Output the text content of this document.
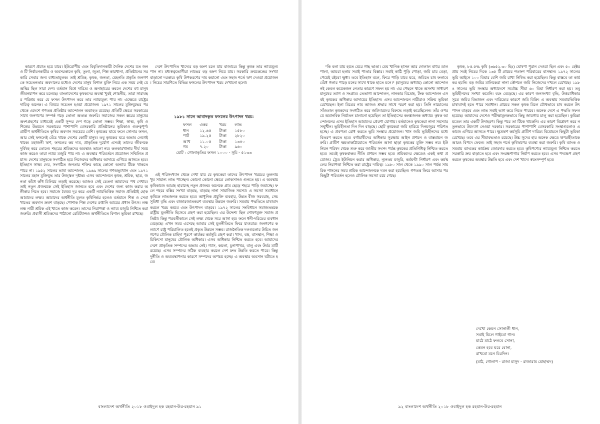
কারণে প্রয়াত হয়ে যাবে। ইউরোপীয় এবং বিবৃতিদানকারী দৈনিক দেশের যত জন ও টি নির্বাচনকারীর ও অবসরকালে কৃষি, তুলা, জুতা, শিল্প কারখানা, প্রতিষ্ঠানের সরকারি সেবার জন্য বাধ্যতামূলক। তাই শ্রমিক, কৃষক, জনতা, মেহনতি প্রকৃতি জনগণকে সচেতনতার অবদানের মধ্যেও দেশের মানুষ বিশাল মুক্তি নিয়ে এক সময় নেই যে অস্থির ছিল সারা দেশ। বর্তমান বিশ্বে দারিদ্র্য ও অনাহারের কবলে দেশের বহু মানুষ জীবনযাপন করে চলেছে। বাংলাদেশের কৃষকদের অবস্থা খুবই শোচনীয়, তারা সারাবছর পরিশ্রম করে যে ফসল উৎপাদন করে তার ন্যায্যমূল্য পায় না। এক্ষেত্রে রাষ্ট্রের দায়িত্ব অনেক। এ বিষয়ে সচেতন হওয়া প্রয়োজন। ১৯৭১ সালের মুক্তিযুদ্ধের পর থেকে এদেশে গণতন্ত্র প্রতিষ্ঠার আন্দোলন অব্যাহত রয়েছে। প্রতিটি ক্ষেত্রে সরকারের সাথে জনগণের সম্পর্ক গড়ে তোলা অত্যন্ত জরুরি। সমাজের সকল স্তরের মানুষের অংশগ্রহণের মাধ্যমেই একটি সুন্দর দেশ গড়ে তোলা সম্ভব। শিক্ষা, স্বাস্থ্য, কৃষি ও শিল্পের উন্নয়নে সরকারের পাশাপাশি বেসরকারি প্রতিষ্ঠানের ভূমিকাও গুরুত্বপূর্ণ। গ্রামীণ অর্থনীতিতে কৃষির অবদান সবচেয়ে বেশি। কৃষকের ঘামে ফলে সোনার ফসল, আর সেই ফসলেই বেঁচে থাকে দেশের কোটি মানুষ। তবু কৃষকের ঘরে অভাব লেগেই থাকে। মহাজনী ঋণ, ফসলের কম দাম, প্রাকৃতিক দুর্যোগ এসবই তাদের জীবনকে দুর্বিষহ করে তোলে। শহরের শ্রমিকদের অবস্থাও ভালো নয়। কলকারখানায় দীর্ঘ সময় কাজ করেও তারা ন্যায্য মজুরি পায় না। এ অবস্থার পরিবর্তনে প্রয়োজন সম্মিলিত প্রয়াস। দেশের মানুষকে সংগঠিত হয়ে নিজেদের অধিকার আদায়ে এগিয়ে আসতে হবে। ইতিহাস সাক্ষ্য দেয়, সংগঠিত জনতার শক্তির কাছে কোনো অন্যায় টিকে থাকতে পারে না। ১৯৫২ সালের ভাষা আন্দোলন, ১৯৬৯ সালের গণঅভ্যুত্থান এবং ১৯৭১ সালের মহান মুক্তিযুদ্ধ তার উজ্জ্বল দৃষ্টান্ত। এসব আন্দোলনে কৃষক, শ্রমিক, ছাত্র, জনতা কাঁধে কাঁধ মিলিয়ে লড়াই করেছে। আজও সেই চেতনা আমাদের পথ দেখায়। তাই নতুন প্রজন্মকে সেই ইতিহাস জানতে হবে এবং দেশের জন্য কাজ করার অঙ্গীকার নিতে হবে। সমাজে বৈষম্য দূর করে একটি ন্যায়ভিত্তিক সমাজ প্রতিষ্ঠাই হোক আমাদের লক্ষ্য। আমাদের অর্থনীতি মূলত কৃষিনির্ভর হলেও বর্তমানে শিল্প ও সেবা খাতের অবদান ক্রমশ বাড়ছে। পোশাক শিল্প দেশের রপ্তানি আয়ের প্রধান উৎস। লক্ষ লক্ষ নারী শ্রমিক এই খাতে কাজ করেন। তাদের নিরাপত্তা ও ন্যায্য মজুরি নিশ্চিত করা জরুরি। প্রবাসী শ্রমিকদের পাঠানো রেমিট্যান্সও অর্থনীতিতে বিশাল ভূমিকা রাখছে।

দেশে উৎপাদিত খাদ্যের বড় অংশ চলে যায় বাজারে। কিন্তু কৃষক তার ন্যায্যমূল্য পান না। মধ্যস্বত্বভোগীরা লাভের বড় অংশ নিয়ে যায়। সরকারি ক্রয়কেন্দ্রের সংখ্যা বাড়ানো দরকার। কৃষি উপকরণের দাম কমানো এবং সহজ শর্তে ঋণ দেওয়া প্রয়োজন। নিচের সারণিতে বিভিন্ন ফসলের উৎপাদন খরচ দেখানো হলো।

১৯৮১ সালে আবাদকৃত ফসলের উৎপাদন খরচ:
ফসল	একর	খরচ	লাভ
ধান	১২.৬৫	টাকা	১৫৮০
পাট	১৯.২৫	টাকা	২৮২০
আখ	১১.০৫	টাকা	১৩৪০
গম	৭.২০	টাকা	৯৬০
মোট : গোলাকৃতির ফসল ১০০০ - সূচি - ৫১৩৩

এই পরিসংখ্যান থেকে দেখা যায় যে কৃষকেরা তাদের উৎপাদন খরচের তুলনায় খুব সামান্য লাভ পাচ্ছেন। কোনো কোনো ক্ষেত্রে লোকসানও গুনতে হয়। এ অবস্থায় কৃষিকাজে আগ্রহ হারাচ্ছে নতুন প্রজন্ম। অনেকে গ্রাম ছেড়ে শহরে পাড়ি জমাচ্ছে। ফলে শহরে বস্তির সংখ্যা বাড়ছে, বাড়ছে নানা সামাজিক সমস্যা। এ সমস্যা সমাধানে কৃষিকে লাভজনক করতে হবে। আধুনিক প্রযুক্তি ব্যবহার, উন্নত বীজ সরবরাহ, সেচ সুবিধা বৃদ্ধি এবং বাজারজাতকরণ ব্যবস্থার উন্নয়ন জরুরি। সমবায় পদ্ধতিতে চাষাবাদ করলে খরচ কমবে এবং উৎপাদন বাড়বে। ১৯৭২ সালের সংবিধানে সমাজতন্ত্রকে রাষ্ট্রীয় মূলনীতি হিসেবে গ্রহণ করা হয়েছিল। এর উদ্দেশ্য ছিল শোষণমুক্ত সমাজ প্রতিষ্ঠা। কিন্তু পরবর্তীকালে সেই লক্ষ্য থেকে সরে আসা হয়। ফলে ধনী-দরিদ্রের ব্যবধান বেড়েছে। এখন সময় এসেছে আবার সেই মূলনীতিতে ফিরে যাওয়ার। জনগণের কল্যাণে রাষ্ট্র পরিচালিত হলেই প্রকৃত উন্নয়ন সম্ভব। রাজনৈতিক দলগুলোর উচিত জনগণের মৌলিক চাহিদা পূরণে কার্যকর কর্মসূচি গ্রহণ করা। খাদ্য, বস্ত্র, বাসস্থান, শিক্ষা ও চিকিৎসা মানুষের মৌলিক অধিকার। এসব অধিকার নিশ্চিত করতে হবে। আমাদের দেশে প্রাকৃতিক সম্পদের অভাব নেই। গ্যাস, কয়লা, চুনাপাথর, বালু এবং উর্বর মাটি রয়েছে। এসব সম্পদের সঠিক ব্যবহার করলে দেশ দ্রুত উন্নতি করতে পারে। কিন্তু দুর্নীতি ও অব্যবস্থাপনার কারণে সম্পদের অপচয় হচ্ছে। এ অবস্থার অবসান ঘটাতে হবে।

বাংলাদেশ অর্থনীতি ২০১৮ ওবাইদুল হক রহমান-উর-রহমান ৯১

"কি বলা যায় হয়ত মেরে গাছ ভাঙা। মেঘ খানিক হাসল আর দোলাল বাহুর ডালপালা, আমরা হলাম সবাই পাতার বিস্তার। সবাই কাঠি পুড়ি পোড়া, জমি চায় বেড়া, পেয়েই রইবো ক্ষুধা। তবে ইতিহাস বলে, ফিরে পাড়ি যাবে ঘরে, জমিতে চাষ ফলাবে বেঁধে গলার পাড়ে মনের সাথে থাকে হাতে মনে।" (মানুষের অধ্যায়) কোনো আন্দোলনই কেবল কয়েকজন নেতার কারণে সফল হয় না। এর পেছনে থাকে অসংখ্য সাধারণ মানুষের ত্যাগ ও সংগ্রাম। তেভাগা আন্দোলন, নানকার বিদ্রোহ, টংক আন্দোলন এসবই কৃষকের অধিকার আদায়ের ইতিহাস। এসব আন্দোলনে নারীরাও সক্রিয় ভূমিকা রেখেছেন। ইলা মিত্রের নাম আজও শ্রদ্ধার সাথে স্মরণ করা হয়। তিনি নাচোলের সাঁওতাল কৃষকদের সংগঠিত করে জমিদারদের বিরুদ্ধে লড়াই করেছিলেন। তাঁর ওপর যে অমানবিক নির্যাতন চালানো হয়েছিল তা ইতিহাসের কলঙ্কজনক অধ্যায়। কৃষক আন্দোলনের এসব ইতিহাস আমাদের প্রেরণা যোগায়। বর্তমানেও কৃষকেরা নানা সমস্যার সম্মুখীন। ভূমিহীনতা দিন দিন বাড়ছে। ছোট কৃষকেরা জমি হারিয়ে দিনমজুরে পরিণত হচ্ছে। এ প্রবণতা রোধ করতে ভূমি সংস্কার প্রয়োজন। খাস জমি ভূমিহীনদের মধ্যে বিতরণ করতে হবে। বর্গাচাষীদের অধিকার সুরক্ষায় আইন প্রণয়ন ও বাস্তবায়ন জরুরি। গ্রামীণ ক্ষমতাকাঠামোতে পরিবর্তন আনা ছাড়া কৃষকের মুক্তি সম্ভব নয়। ইউনিয়ন পরিষদ থেকে শুরু করে জাতীয় সংসদ পর্যন্ত কৃষকের প্রতিনিধিত্ব নিশ্চিত করতে হবে। তবেই কৃষকবান্ধব নীতি প্রণয়ন সম্ভব হবে। শ্রমিকদের ক্ষেত্রেও একই কথা প্রযোজ্য। ট্রেড ইউনিয়ন করার অধিকার, ন্যূনতম মজুরি, কর্মঘণ্টা নির্ধারণ এবং কর্মস্থলের নিরাপত্তা নিশ্চিত করা রাষ্ট্রের দায়িত্ব। ১৯৮০ সাল থেকে ১৯৯০ সাল পর্যন্ত সামরিক শাসনের সময় শ্রমিক আন্দোলনকে দমন করা হয়েছিল। গণতন্ত্র ফিরে আসার পর কিছুটা পরিবর্তন হলেও মৌলিক সমস্যা রয়ে গেছে।

কৃষক, ৮৫.৫% কৃষি (৩৬৫২.৩০ হিঃ) ঘোষণা পুরান দেওয়া ছিল এবং ৫০ হেক্টর প্রায় সবই নিচের দিকে ১৩৫ টি গ্রামের শতাংশ পরিবারের বাসস্থান। ১৯৭২ সালের ভূমি আইনে ১০০ বিঘার বেশি জমি রাখা নিষিদ্ধ করা হয়েছিল। কিন্তু বাস্তবে তা কার্যকর হয়নি। বড় জমির মালিকেরা নানা কৌশলে জমি নিজেদের দখলে রেখেছে। ১৯৮৪ সালের ভূমি সংস্কার অধ্যাদেশে সর্বোচ্চ সীমা ৬০ বিঘা নির্ধারণ করা হয়। তবু ভূমিহীনদের সংখ্যা কমেনি। বরং বেড়েছে। এর কারণ জনসংখ্যা বৃদ্ধি, উত্তরাধিকার সূত্রে জমির বিভাজন এবং দারিদ্র্যের কারণে জমি বিক্রি। এ অবস্থায় সমবায়ভিত্তিক চাষাবাদই হতে পারে সমাধান। গ্রামের সকল কৃষক মিলে যৌথভাবে চাষ করলে উৎপাদন বাড়বে এবং লাভ সবাই ভাগ করে নিতে পারবে। অনেক দেশে এ পদ্ধতি সফল হয়েছে। আমাদের দেশেও পরীক্ষামূলকভাবে কিছু জায়গায় চালু করা হয়েছিল। কুমিল্লা মডেল তার একটি উদাহরণ। কিন্তু পরে তা টিকে থাকেনি। এর কারণ বিশ্লেষণ করে নতুনভাবে উদ্যোগ নেওয়া দরকার। সরকারের পাশাপাশি বেসরকারি সংস্থাগুলোও এ কাজে এগিয়ে আসতে পারে। ক্ষুদ্রঋণ কর্মসূচি গ্রামীণ দারিদ্র্য বিমোচনে কিছুটা ভূমিকা রেখেছে। তবে এর সীমাবদ্ধতাও রয়েছে। উচ্চ সুদের হার অনেক ক্ষেত্রে ঋণগ্রহীতাকে আরও বিপদে ফেলে। তাই সহজ শর্তে কৃষিঋণের ব্যবস্থা করা জরুরি। কৃষি ব্যাংক ও সমবায় ব্যাংকের কার্যক্রম জোরদার করতে হবে। কৃষিপণ্যের ন্যায্যমূল্য নিশ্চিত করতে সরকারি ক্রয় বাড়াতে হবে এবং সংরক্ষণাগার নির্মাণ করতে হবে। এসব পদক্ষেপ গ্রহণ করলে কৃষকের অবস্থার উন্নতি হবে এবং দেশ খাদ্যে স্বয়ংসম্পূর্ণ হবে।

দেখো কেমন সোনালী ধান,
সবাই মিলে গাইবো গান।
মাঠে মাঠে ফলবে সোনা,
কেমন হবে ঘরে বোনা,
রাখবো মনে চিরদিন।
(মাঠ, গোলাপ - রাজা মাসুদ - রাজারাম মোহাম্মদ)
৯২ বাংলাদেশ অর্থনীতি ২০১৮ ওবাইদুল হক রহমান-উর-রহমান
